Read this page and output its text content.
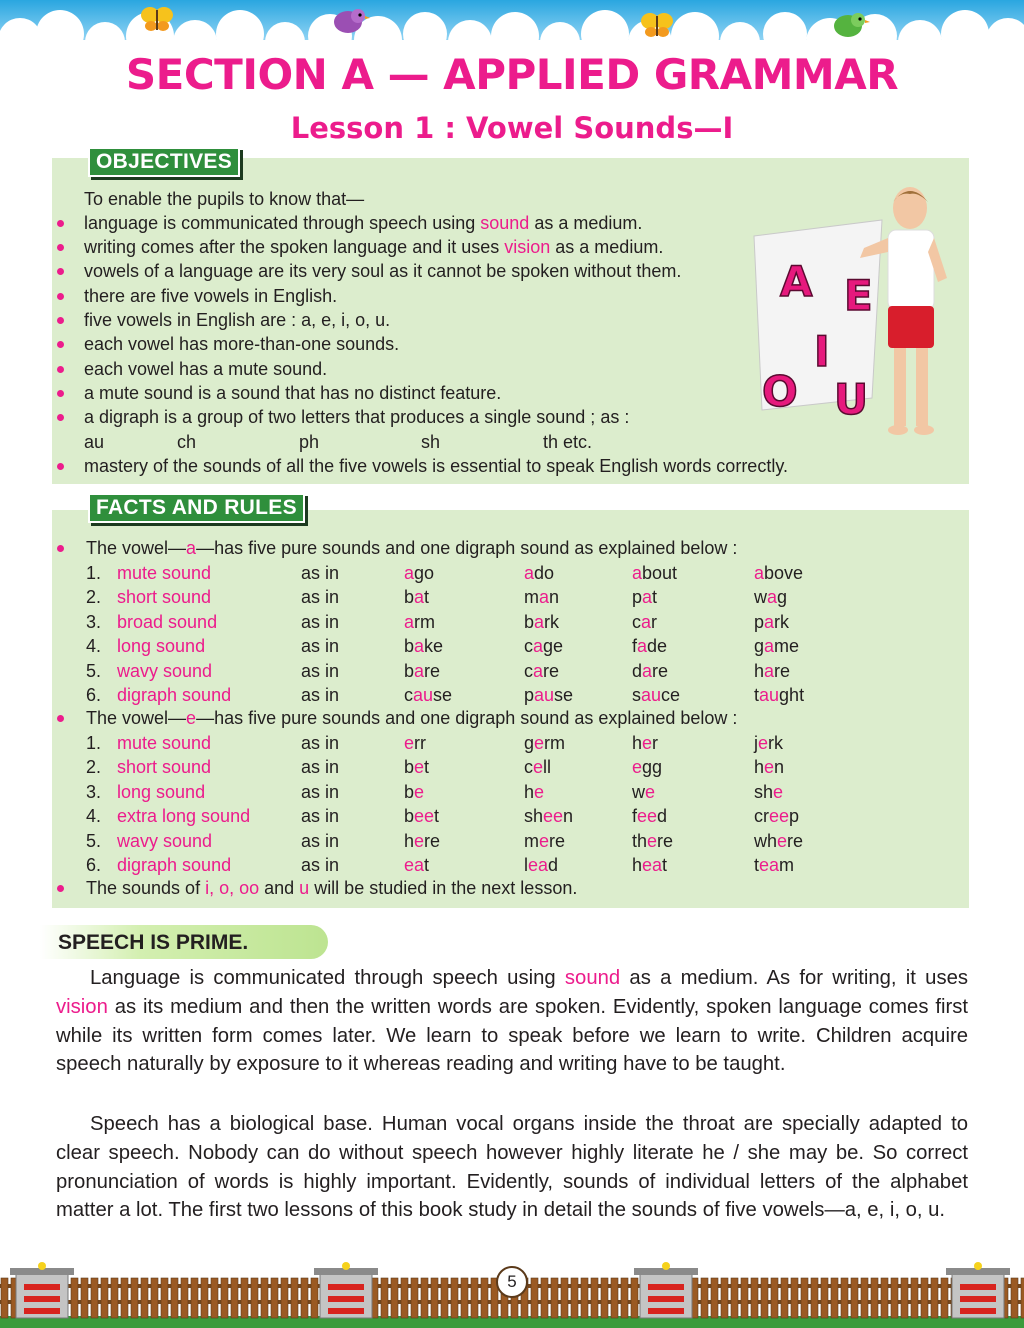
SECTION A — APPLIED GRAMMAR
Lesson 1 : Vowel Sounds—I
OBJECTIVES
To enable the pupils to know that—
language is communicated through speech using sound as a medium.
writing comes after the spoken language and it uses vision as a medium.
vowels of a language are its very soul as it cannot be spoken without them.
there are five vowels in English.
five vowels in English are : a, e, i, o, u.
each vowel has more-than-one sounds.
each vowel has a mute sound.
a mute sound is a sound that has no distinct feature.
a digraph is a group of two letters that produces a single sound ; as :
mastery of the sounds of all the five vowels is essential to speak English words correctly.
au	ch	ph	sh	th etc.
A E
I
O U
FACTS AND RULES
The vowel—a—has five pure sounds and one digraph sound as explained below :
1. mute sound	as in	ago	ado	about	above
2. short sound	as in	bat	man	pat	wag
3. broad sound	as in	arm	bark	car	park
4. long sound	as in	bake	cage	fade	game
5. wavy sound	as in	bare	care	dare	hare
6. digraph sound	as in	cause	pause	sauce	taught
The vowel—e—has five pure sounds and one digraph sound as explained below :
1. mute sound	as in	err	germ	her	jerk
2. short sound	as in	bet	cell	egg	hen
3. long sound	as in	be	he	we	she
4. extra long sound	as in	beet	sheen	feed	creep
5. wavy sound	as in	here	mere	there	where
6. digraph sound	as in	eat	lead	heat	team
The sounds of i, o, oo and u will be studied in the next lesson.
SPEECH IS PRIME.

Language is communicated through speech using sound as a medium. As for writing, it uses vision as its medium and then the written words are spoken. Evidently, spoken language comes first while its written form comes later. We learn to speak before we learn to write. Children acquire speech naturally by exposure to it whereas reading and writing have to be taught.

Speech has a biological base. Human vocal organs inside the throat are specially adapted to clear speech. Nobody can do without speech however highly literate he / she may be. So correct pronunciation of words is highly important. Evidently, sounds of individual letters of the alphabet matter a lot. The first two lessons of this book study in detail the sounds of five vowels—a, e, i, o, u.

5
